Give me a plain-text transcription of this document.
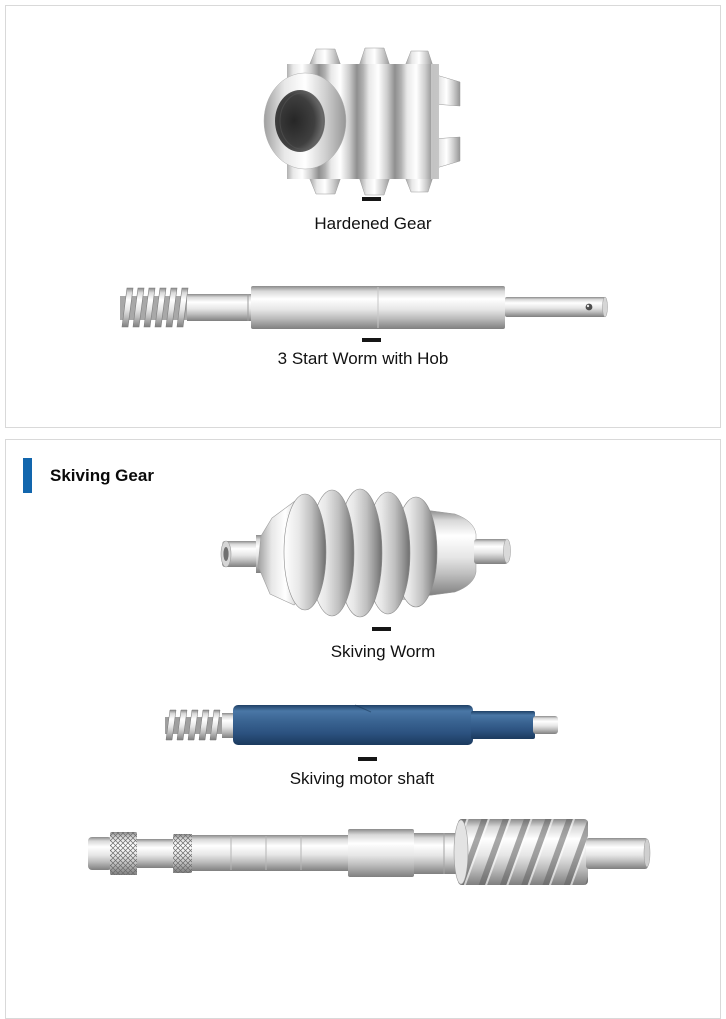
Hardened Gear
3 Start Worm with Hob
Skiving Gear
Skiving Worm
Skiving motor shaft
